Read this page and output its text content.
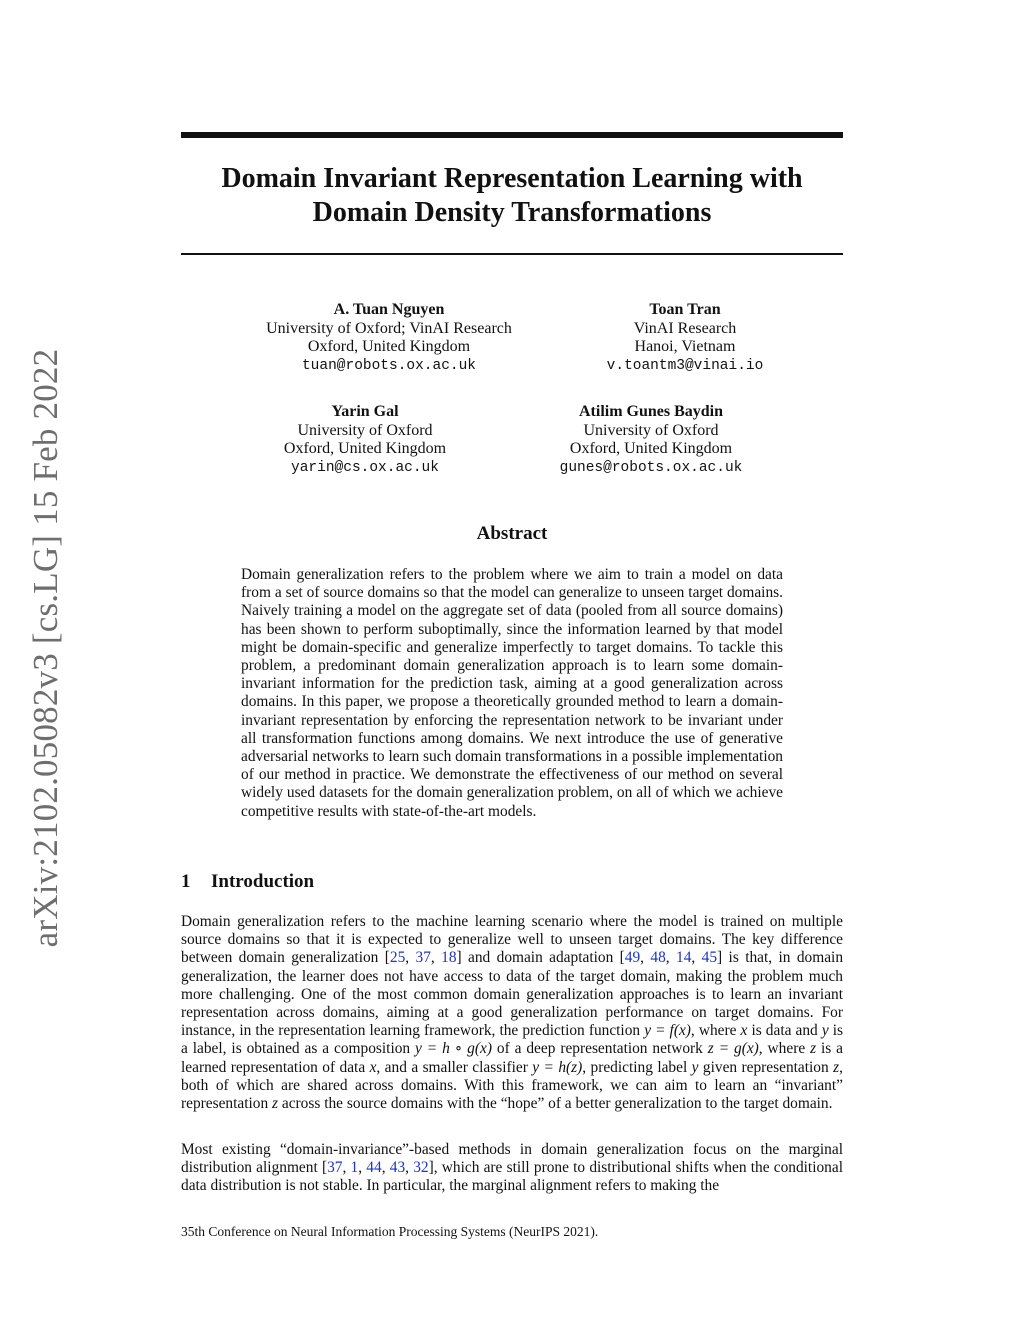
arXiv:2102.05082v3 [cs.LG] 15 Feb 2022
Domain Invariant Representation Learning with Domain Density Transformations
A. Tuan Nguyen
University of Oxford; VinAI Research
Oxford, United Kingdom
tuan@robots.ox.ac.uk
Toan Tran
VinAI Research
Hanoi, Vietnam
v.toantm3@vinai.io
Yarin Gal
University of Oxford
Oxford, United Kingdom
yarin@cs.ox.ac.uk
Atilim Gunes Baydin
University of Oxford
Oxford, United Kingdom
gunes@robots.ox.ac.uk
Abstract

Domain generalization refers to the problem where we aim to train a model on data from a set of source domains so that the model can generalize to unseen target domains. Naively training a model on the aggregate set of data (pooled from all source domains) has been shown to perform suboptimally, since the information learned by that model might be domain-specific and generalize imperfectly to target domains. To tackle this problem, a predominant domain generalization approach is to learn some domain-invariant information for the prediction task, aiming at a good generalization across domains. In this paper, we propose a theoretically grounded method to learn a domain-invariant representation by enforcing the representation network to be invariant under all transformation functions among domains. We next introduce the use of generative adversarial networks to learn such domain transformations in a possible implementation of our method in practice. We demonstrate the effectiveness of our method on several widely used datasets for the domain generalization problem, on all of which we achieve competitive results with state-of-the-art models.

1 Introduction

Domain generalization refers to the machine learning scenario where the model is trained on multiple source domains so that it is expected to generalize well to unseen target domains. The key difference between domain generalization [25, 37, 18] and domain adaptation [49, 48, 14, 45] is that, in domain generalization, the learner does not have access to data of the target domain, making the problem much more challenging. One of the most common domain generalization approaches is to learn an invariant representation across domains, aiming at a good generalization performance on target domains. For instance, in the representation learning framework, the prediction function y = f(x), where x is data and y is a label, is obtained as a composition y = h ∘ g(x) of a deep representation network z = g(x), where z is a learned representation of data x, and a smaller classifier y = h(z), predicting label y given representation z, both of which are shared across domains. With this framework, we can aim to learn an “invariant” representation z across the source domains with the “hope” of a better generalization to the target domain.

Most existing “domain-invariance”-based methods in domain generalization focus on the marginal distribution alignment [37, 1, 44, 43, 32], which are still prone to distributional shifts when the conditional data distribution is not stable. In particular, the marginal alignment refers to making the

35th Conference on Neural Information Processing Systems (NeurIPS 2021).
